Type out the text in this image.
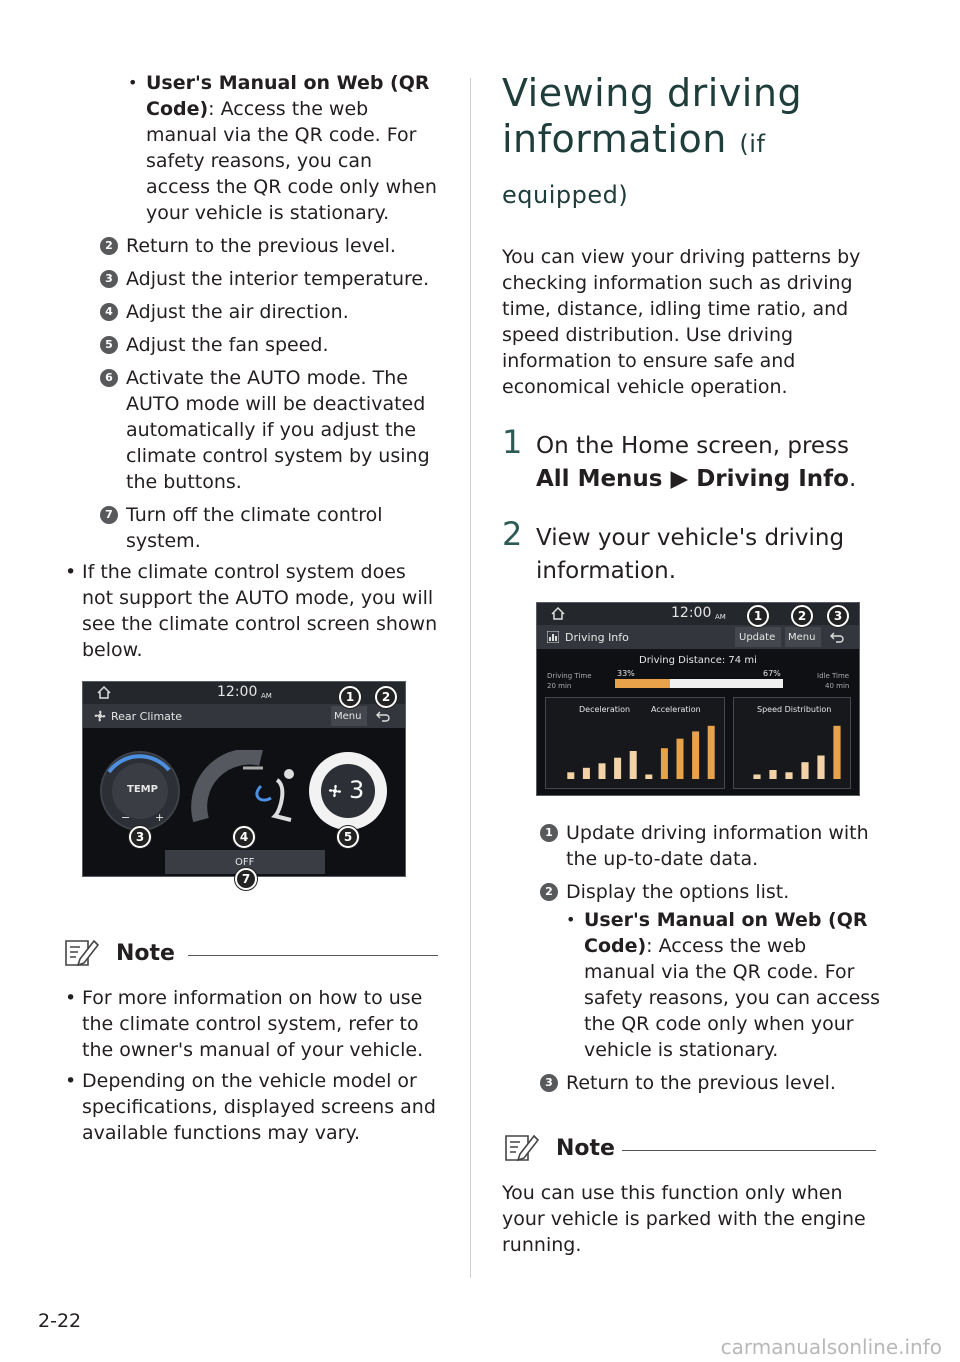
• User's Manual on Web (QR Code): Access the web manual via the QR code. For safety reasons, you can access the QR code only when your vehicle is stationary.
2 Return to the previous level.
3 Adjust the interior temperature.
4 Adjust the air direction.
5 Adjust the fan speed.
6 Activate the AUTO mode. The AUTO mode will be deactivated automatically if you adjust the climate control system by using the buttons.
7 Turn off the climate control system.
• If the climate control system does not support the AUTO mode, you will see the climate control screen shown below.
12:00 AM
Rear Climate	Menu
TEMP
− +
3
OFF
1	2
3	4	5
7
Note
• For more information on how to use the climate control system, refer to the owner's manual of your vehicle.
• Depending on the vehicle model or specifications, displayed screens and available functions may vary.
Viewing driving
information (if equipped)

You can view your driving patterns by checking information such as driving time, distance, idling time ratio, and speed distribution. Use driving information to ensure safe and economical vehicle operation.

1 On the Home screen, press All Menus ▶ Driving Info.
2 View your vehicle's driving information.
12:00 AM
Driving Info	Update Menu
Driving Distance: 74 mi
33%	67%
Driving Time
20 min
Idle Time
40 min
Deceleration	Acceleration	Speed Distribution
1	2	3
1 Update driving information with the up-to-date data.
2 Display the options list.
• User's Manual on Web (QR Code): Access the web manual via the QR code. For safety reasons, you can access the QR code only when your vehicle is stationary.
3 Return to the previous level.
Note

You can use this function only when your vehicle is parked with the engine running.

2-22
carmanualsonline.info
